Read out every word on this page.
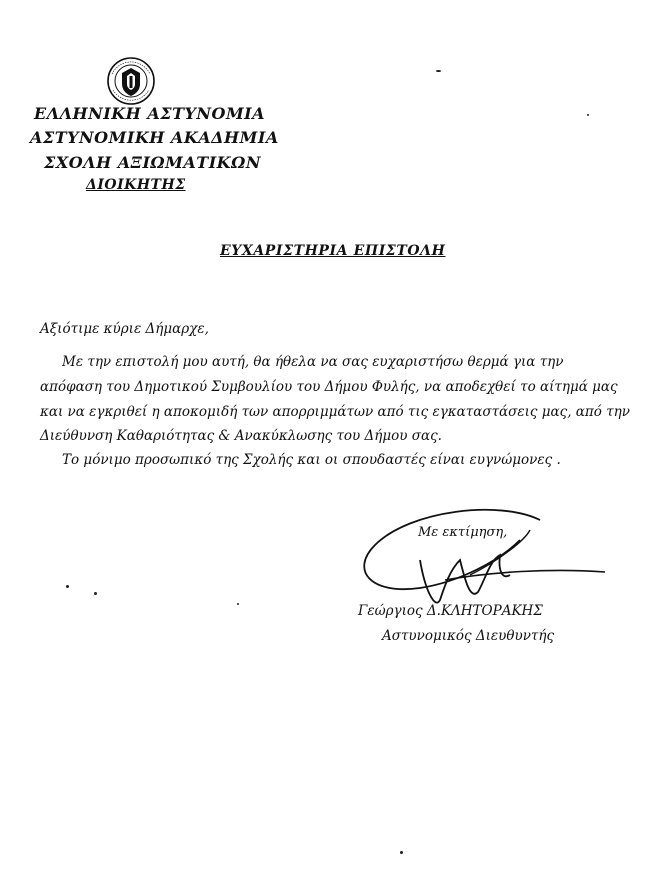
ΕΛΛΗΝΙΚΗ ΑΣΤΥΝΟΜΙΑ
ΑΣΤΥΝΟΜΙΚΗ ΑΚΑΔΗΜΙΑ
ΣΧΟΛΗ ΑΞΙΩΜΑΤΙΚΩΝ
ΔΙΟΙΚΗΤΗΣ
ΕΥΧΑΡΙΣΤΗΡΙΑ ΕΠΙΣΤΟΛΗ
Αξιότιμε κύριε Δήμαρχε,
Με την επιστολή μου αυτή, θα ήθελα να σας ευχαριστήσω θερμά για την
απόφαση του Δημοτικού Συμβουλίου του Δήμου Φυλής, να αποδεχθεί το αίτημά μας
και να εγκριθεί η αποκομιδή των απορριμμάτων από τις εγκαταστάσεις μας, από την
Διεύθυνση Καθαριότητας & Ανακύκλωσης του Δήμου σας.
Το μόνιμο προσωπικό της Σχολής και οι σπουδαστές είναι ευγνώμονες .
Με εκτίμηση,
Γεώργιος Δ.ΚΛΗΤΟΡΑΚΗΣ
Αστυνομικός Διευθυντής
